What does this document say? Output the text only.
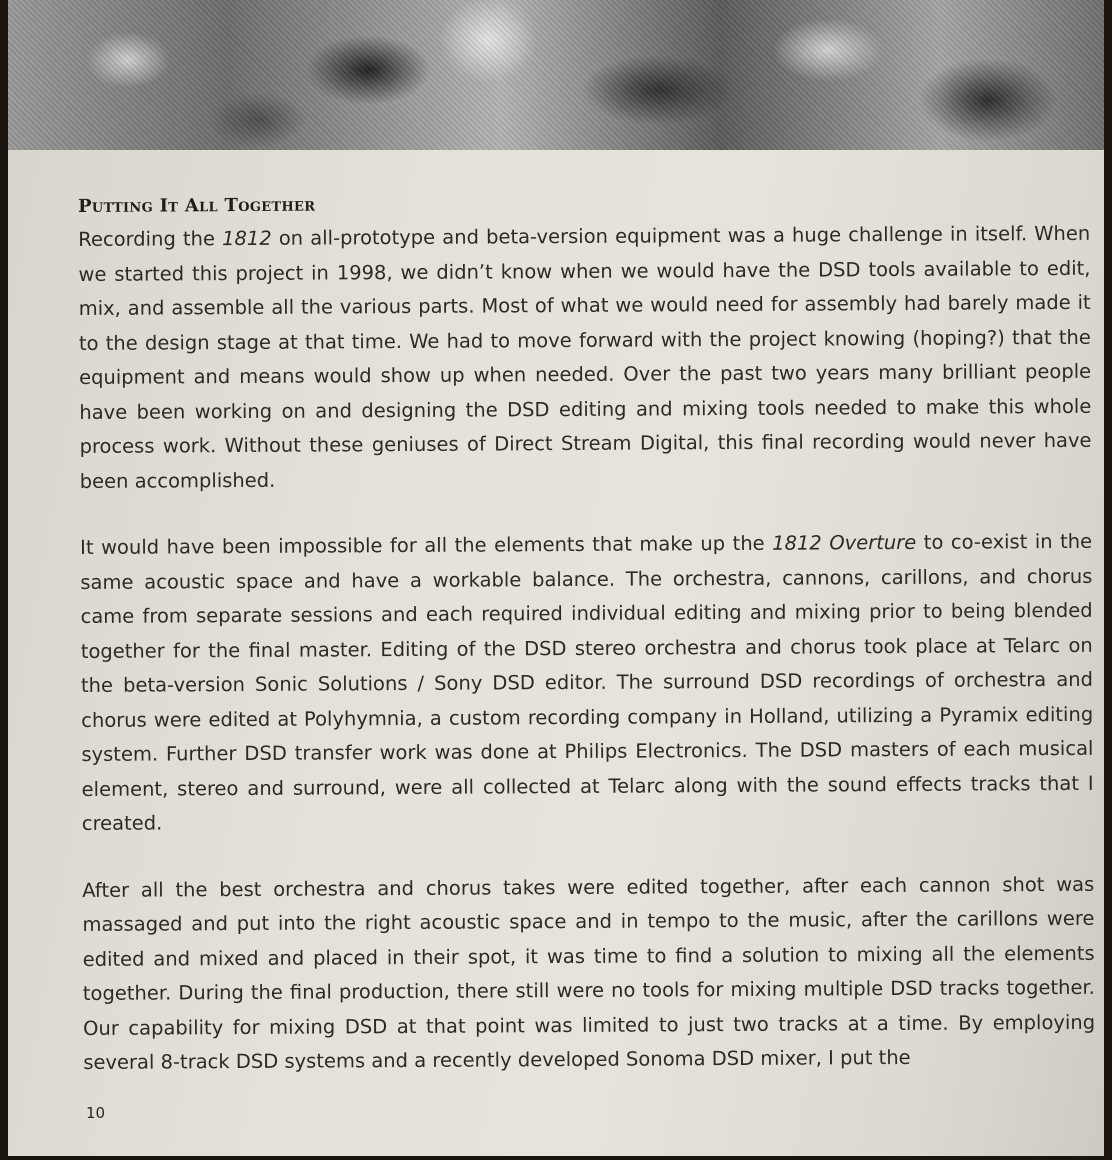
Putting It All Together

Recording the 1812 on all-prototype and beta-version equipment was a huge challenge in itself. When we started this project in 1998, we didn’t know when we would have the DSD tools available to edit, mix, and assemble all the various parts. Most of what we would need for assembly had barely made it to the design stage at that time. We had to move forward with the project knowing (hoping?) that the equipment and means would show up when needed. Over the past two years many brilliant people have been working on and designing the DSD editing and mixing tools needed to make this whole process work. Without these geniuses of Direct Stream Digital, this final recording would never have been accomplished.

It would have been impossible for all the elements that make up the 1812 Overture to co-exist in the same acoustic space and have a workable balance. The orchestra, cannons, carillons, and chorus came from separate sessions and each required individual editing and mixing prior to being blended together for the final master. Editing of the DSD stereo orchestra and chorus took place at Telarc on the beta-version Sonic Solutions / Sony DSD editor. The surround DSD recordings of orchestra and chorus were edited at Polyhymnia, a custom recording company in Holland, utilizing a Pyramix editing system. Further DSD transfer work was done at Philips Electronics. The DSD masters of each musical element, stereo and surround, were all collected at Telarc along with the sound effects tracks that I created.

After all the best orchestra and chorus takes were edited together, after each cannon shot was massaged and put into the right acoustic space and in tempo to the music, after the carillons were edited and mixed and placed in their spot, it was time to find a solution to mixing all the elements together. During the final production, there still were no tools for mixing multiple DSD tracks together. Our capability for mixing DSD at that point was limited to just two tracks at a time. By employing several 8-track DSD systems and a recently developed Sonoma DSD mixer, I put the

10
